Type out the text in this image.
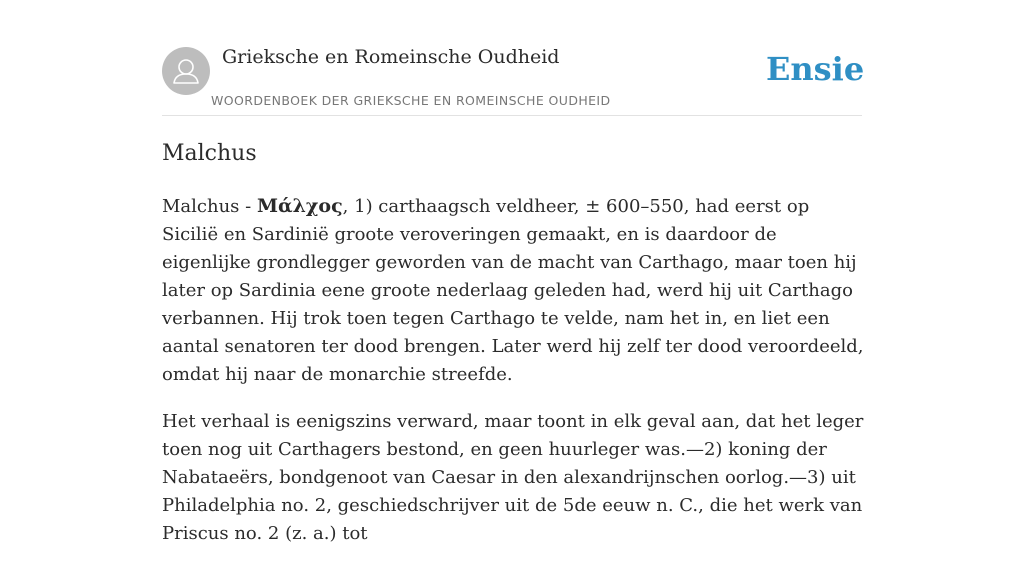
Grieksche en Romeinsche Oudheid	Ensie
WOORDENBOEK DER GRIEKSCHE EN ROMEINSCHE OUDHEID
Malchus

Malchus - Μάλχος, 1) carthaagsch veldheer, ± 600–550, had eerst op Sicilië en Sardinië groote veroveringen gemaakt, en is daardoor de eigenlijke grondlegger geworden van de macht van Carthago, maar toen hij later op Sardinia eene groote nederlaag geleden had, werd hij uit Carthago verbannen. Hij trok toen tegen Carthago te velde, nam het in, en liet een aantal senatoren ter dood brengen. Later werd hij zelf ter dood veroordeeld, omdat hij naar de monarchie streefde.

Het verhaal is eenigszins verward, maar toont in elk geval aan, dat het leger toen nog uit Carthagers bestond, en geen huurleger was.—2) koning der Nabataeërs, bondgenoot van Caesar in den alexandrijnschen oorlog.—3) uit Philadelphia no. 2, geschiedschrijver uit de 5de eeuw n. C., die het werk van Priscus no. 2 (z. a.) tot
